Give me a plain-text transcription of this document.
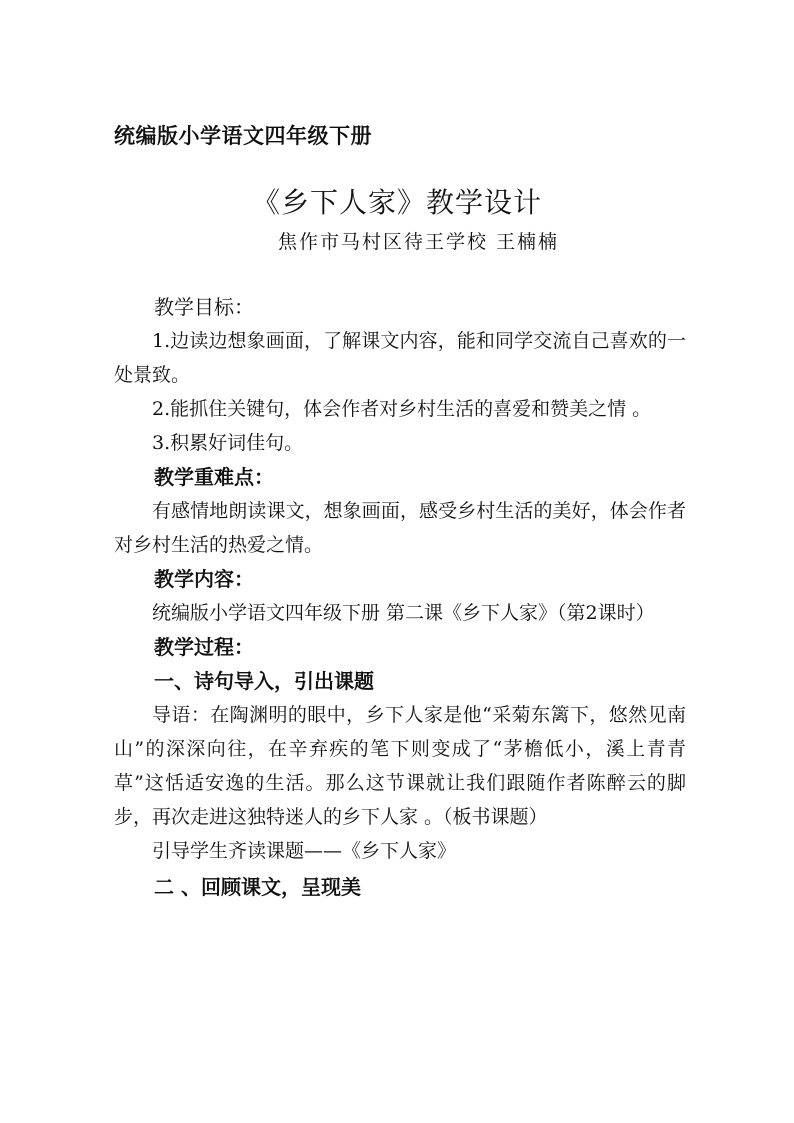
统编版小学语文四年级下册
《乡下人家》教学设计
焦作市马村区待王学校 王楠楠

教学目标：

1.边读边想象画面，了解课文内容，能和同学交流自己喜欢的一处景致。

2.能抓住关键句，体会作者对乡村生活的喜爱和赞美之情 。

3.积累好词佳句。

教学重难点：

有感情地朗读课文，想象画面，感受乡村生活的美好，体会作者对乡村生活的热爱之情。

教学内容：

统编版小学语文四年级下册 第二课《乡下人家》（第2课时）

教学过程：

一、诗句导入，引出课题

导语：在陶渊明的眼中，乡下人家是他“采菊东篱下，悠然见南山”的深深向往，在辛弃疾的笔下则变成了“茅檐低小，溪上青青草”这恬适安逸的生活。那么这节课就让我们跟随作者陈醉云的脚步，再次走进这独特迷人的乡下人家 。（板书课题）

引导学生齐读课题——《乡下人家》

二 、回顾课文，呈现美
